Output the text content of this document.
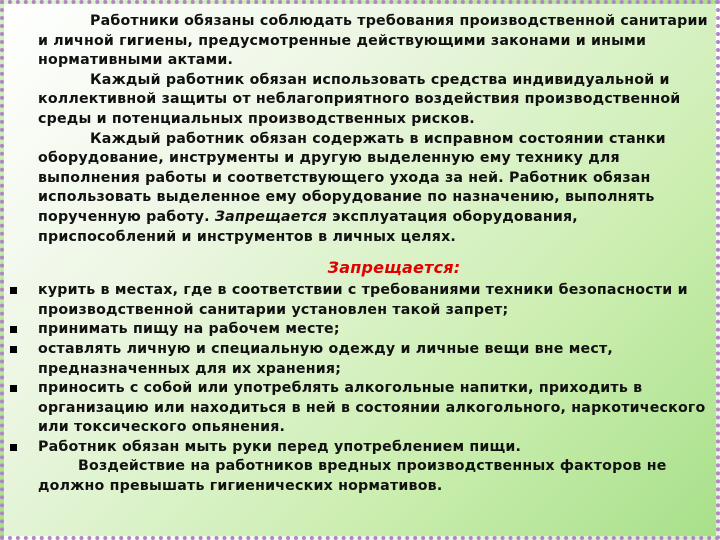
Работники обязаны соблюдать требования производственной санитарии и личной гигиены, предусмотренные действующими законами и иными нормативными актами.

Каждый работник обязан использовать средства индивидуальной и коллективной защиты от неблагоприятного воздействия производственной среды и потенциальных производственных рисков.

Каждый работник обязан содержать в исправном состоянии станки оборудование, инструменты и другую выделенную ему технику для выполнения работы и соответствующего ухода за ней. Работник обязан использовать выделенное ему оборудование по назначению, выполнять порученную работу. Запрещается эксплуатация оборудования, приспособлений и инструментов в личных целях.

Запрещается:
курить в местах, где в соответствии с требованиями техники безопасности и производственной санитарии установлен такой запрет;
принимать пищу на рабочем месте;
оставлять личную и специальную одежду и личные вещи вне мест, предназначенных для их хранения;
приносить с собой или употреблять алкогольные напитки, приходить в организацию или находиться в ней в состоянии алкогольного, наркотического или токсического опьянения.
Работник обязан мыть руки перед употреблением пищи.
Воздействие на работников вредных производственных факторов не должно превышать гигиенических нормативов.
